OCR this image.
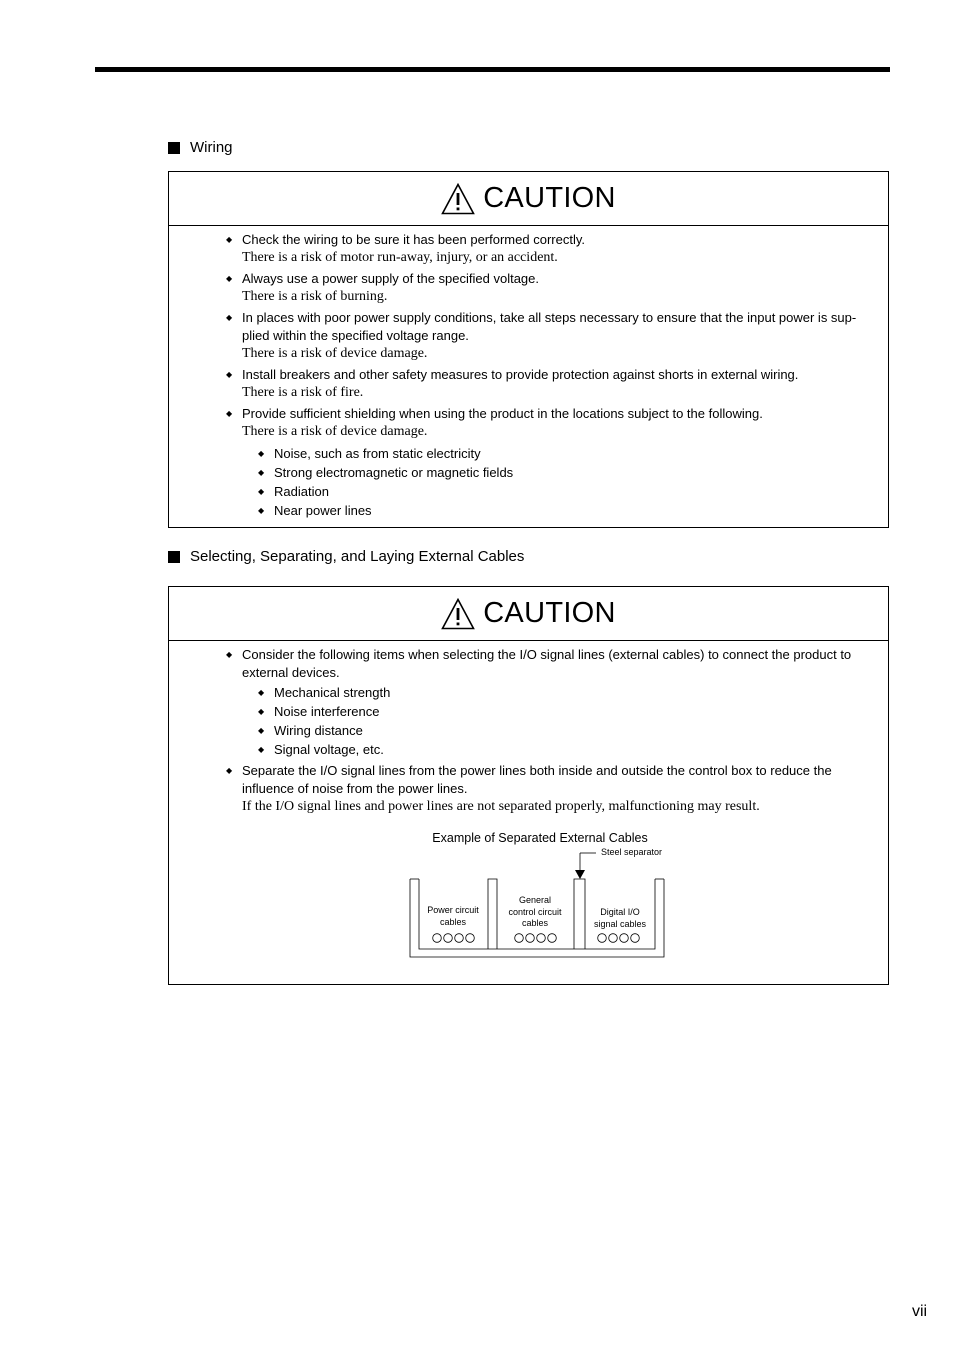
Wiring
CAUTION
◆ Check the wiring to be sure it has been performed correctly.
There is a risk of motor run-away, injury, or an accident.
◆ Always use a power supply of the specified voltage.
There is a risk of burning.
◆ In places with poor power supply conditions, take all steps necessary to ensure that the input power is sup-
plied within the specified voltage range.
There is a risk of device damage.
◆ Install breakers and other safety measures to provide protection against shorts in external wiring.
There is a risk of fire.
◆ Provide sufficient shielding when using the product in the locations subject to the following.
There is a risk of device damage.
◆ Noise, such as from static electricity
◆ Strong electromagnetic or magnetic fields
◆ Radiation
◆ Near power lines
Selecting, Separating, and Laying External Cables
CAUTION
◆ Consider the following items when selecting the I/O signal lines (external cables) to connect the product to
external devices.
◆ Mechanical strength
◆ Noise interference
◆ Wiring distance
◆ Signal voltage, etc.
◆ Separate the I/O signal lines from the power lines both inside and outside the control box to reduce the
influence of noise from the power lines.
If the I/O signal lines and power lines are not separated properly, malfunctioning may result.
Example of Separated External Cables
Steel separator
Power circuit
cables
General
control circuit
cables
Digital I/O
signal cables
vii
